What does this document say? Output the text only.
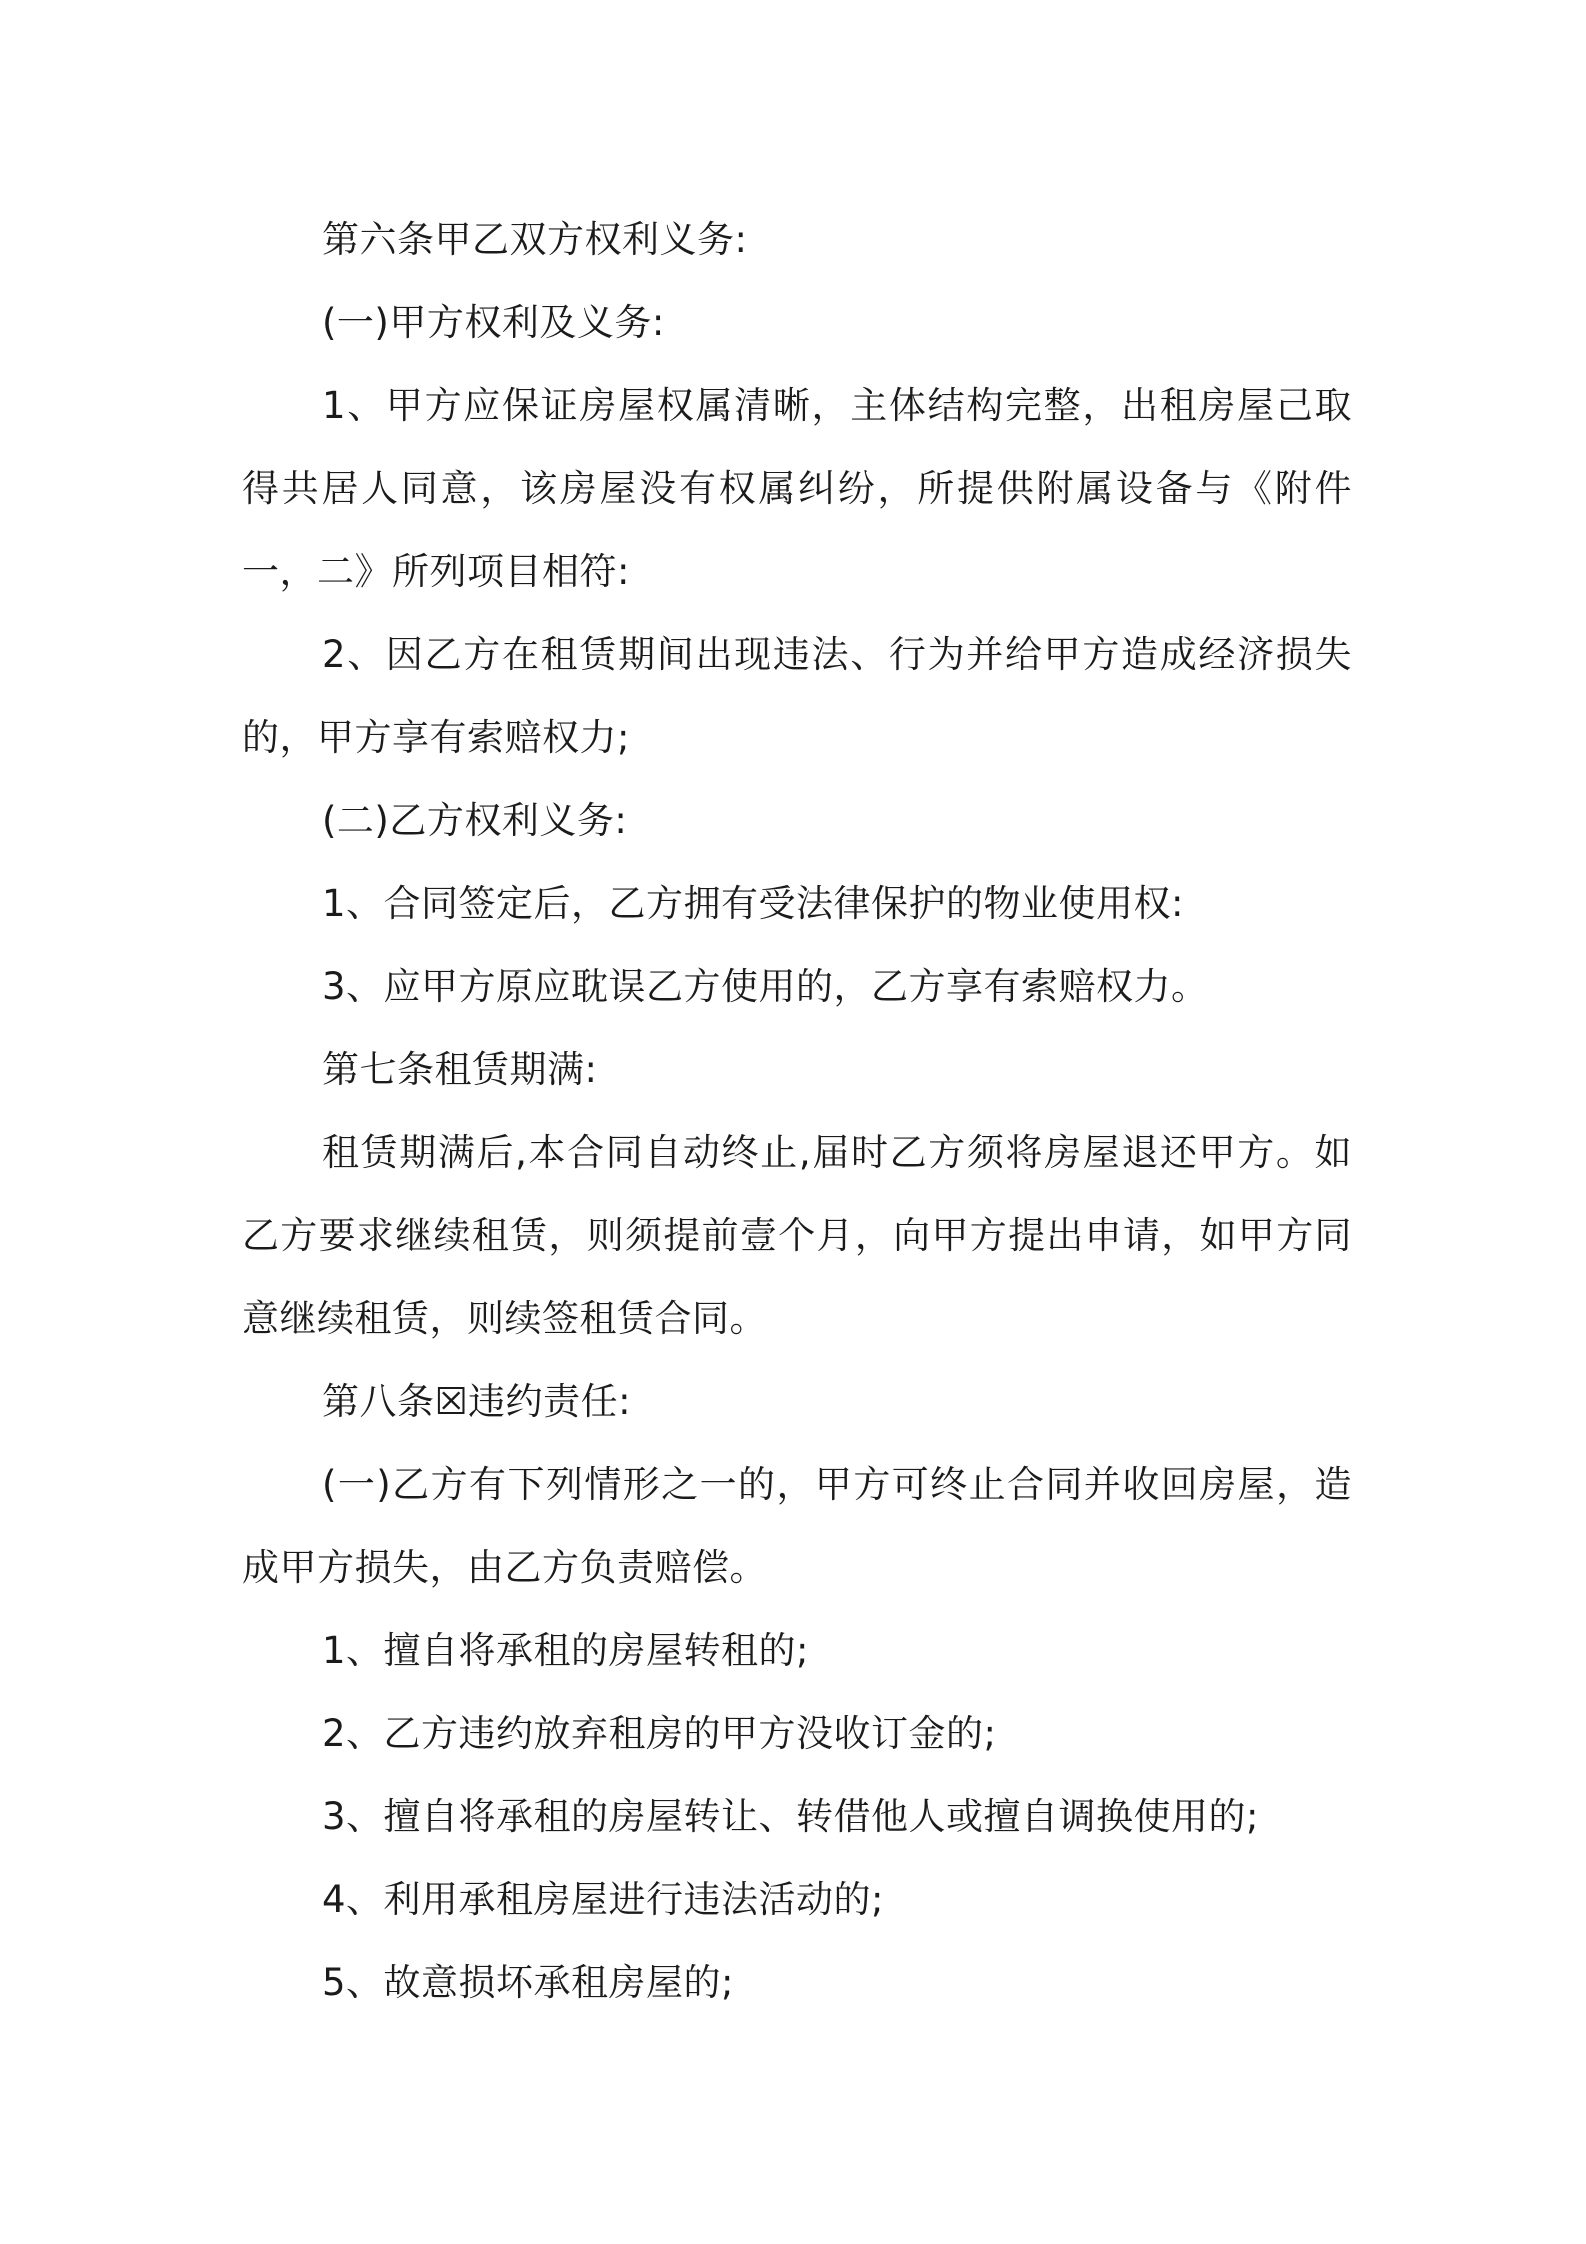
第六条甲乙双方权利义务:

(一)甲方权利及义务:

1、甲方应保证房屋权属清晰，主体结构完整，出租房屋己取得共居人同意，该房屋没有权属纠纷，所提供附属设备与《附件一，二》所列项目相符:

2、因乙方在租赁期间出现违法、行为并给甲方造成经济损失的，甲方享有索赔权力;

(二)乙方权利义务:

1、合同签定后，乙方拥有受法律保护的物业使用权:

3、应甲方原应耽误乙方使用的，乙方享有索赔权力。

第七条租赁期满:

租赁期满后,本合同自动终止,届时乙方须将房屋退还甲方。如乙方要求继续租赁，则须提前壹个月，向甲方提出申请，如甲方同意继续租赁，则续签租赁合同。

第八条☒违约责任:

(一)乙方有下列情形之一的，甲方可终止合同并收回房屋，造成甲方损失，由乙方负责赔偿。

1、擅自将承租的房屋转租的;

2、乙方违约放弃租房的甲方没收订金的;

3、擅自将承租的房屋转让、转借他人或擅自调换使用的;

4、利用承租房屋进行违法活动的;

5、故意损坏承租房屋的;
